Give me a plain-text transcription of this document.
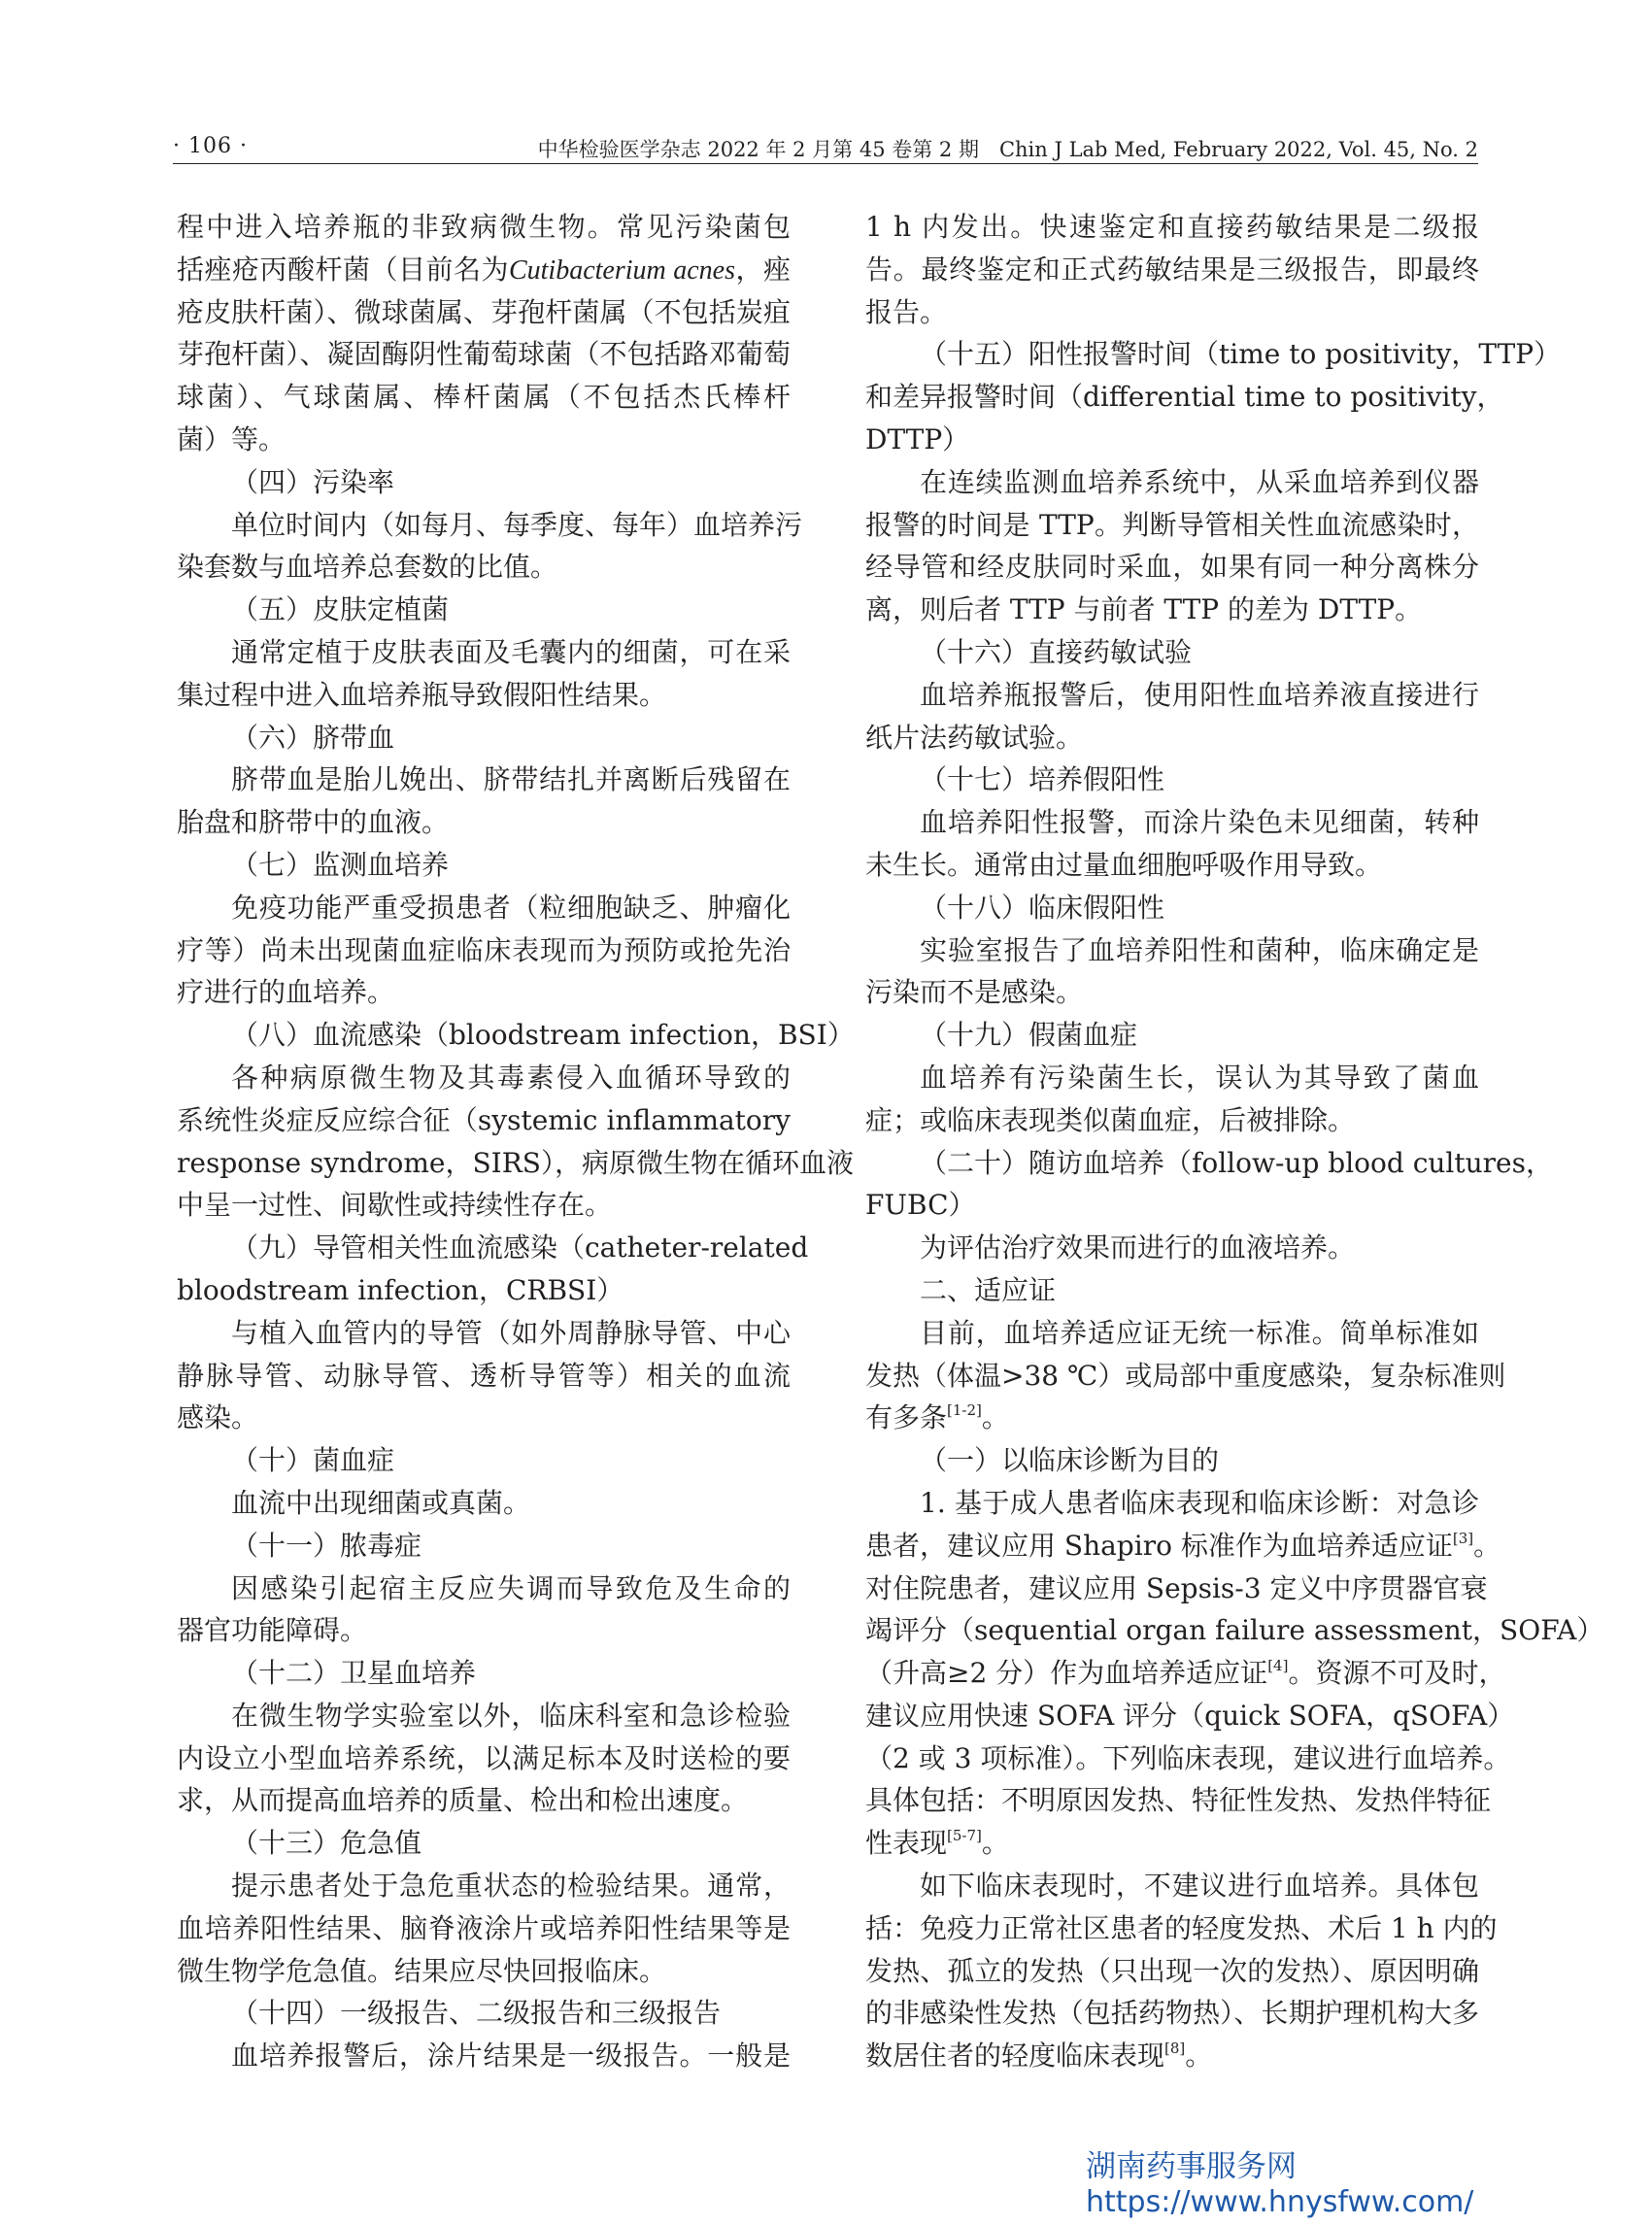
· 106 ·	中华检验医学杂志 2022 年 2 月第 45 卷第 2 期　Chin J Lab Med, February 2022, Vol. 45, No. 2
程中进入培养瓶的非致病微生物。常见污染菌包
括痤疮丙酸杆菌（目前名为Cutibacterium acnes，痤
疮皮肤杆菌）、微球菌属、芽孢杆菌属（不包括炭疽
芽孢杆菌）、凝固酶阴性葡萄球菌（不包括路邓葡萄
球菌）、气球菌属、棒杆菌属（不包括杰氏棒杆
菌）等。
（四）污染率
单位时间内（如每月、每季度、每年）血培养污
染套数与血培养总套数的比值。
（五）皮肤定植菌
通常定植于皮肤表面及毛囊内的细菌，可在采
集过程中进入血培养瓶导致假阳性结果。
（六）脐带血
脐带血是胎儿娩出、脐带结扎并离断后残留在
胎盘和脐带中的血液。
（七）监测血培养
免疫功能严重受损患者（粒细胞缺乏、肿瘤化
疗等）尚未出现菌血症临床表现而为预防或抢先治
疗进行的血培养。
（八）血流感染（bloodstream infection，BSI）
各种病原微生物及其毒素侵入血循环导致的
系统性炎症反应综合征（systemic inflammatory
response syndrome，SIRS），病原微生物在循环血液
中呈一过性、间歇性或持续性存在。
（九）导管相关性血流感染（catheter-related
bloodstream infection，CRBSI）
与植入血管内的导管（如外周静脉导管、中心
静脉导管、动脉导管、透析导管等）相关的血流
感染。
（十）菌血症
血流中出现细菌或真菌。
（十一）脓毒症
因感染引起宿主反应失调而导致危及生命的
器官功能障碍。
（十二）卫星血培养
在微生物学实验室以外，临床科室和急诊检验
内设立小型血培养系统，以满足标本及时送检的要
求，从而提高血培养的质量、检出和检出速度。
（十三）危急值
提示患者处于急危重状态的检验结果。通常，
血培养阳性结果、脑脊液涂片或培养阳性结果等是
微生物学危急值。结果应尽快回报临床。
（十四）一级报告、二级报告和三级报告
血培养报警后，涂片结果是一级报告。一般是
1 h 内发出。快速鉴定和直接药敏结果是二级报
告。最终鉴定和正式药敏结果是三级报告，即最终
报告。
（十五）阳性报警时间（time to positivity，TTP）
和差异报警时间（differential time to positivity，
DTTP）
在连续监测血培养系统中，从采血培养到仪器
报警的时间是 TTP。判断导管相关性血流感染时，
经导管和经皮肤同时采血，如果有同一种分离株分
离，则后者 TTP 与前者 TTP 的差为 DTTP。
（十六）直接药敏试验
血培养瓶报警后，使用阳性血培养液直接进行
纸片法药敏试验。
（十七）培养假阳性
血培养阳性报警，而涂片染色未见细菌，转种
未生长。通常由过量血细胞呼吸作用导致。
（十八）临床假阳性
实验室报告了血培养阳性和菌种，临床确定是
污染而不是感染。
（十九）假菌血症
血培养有污染菌生长，误认为其导致了菌血
症；或临床表现类似菌血症，后被排除。
（二十）随访血培养（follow-up blood cultures，
FUBC）
为评估治疗效果而进行的血液培养。
二、适应证
目前，血培养适应证无统一标准。简单标准如
发热（体温>38 ℃）或局部中重度感染，复杂标准则
有多条[1-2]。
（一）以临床诊断为目的
1. 基于成人患者临床表现和临床诊断：对急诊
患者，建议应用 Shapiro 标准作为血培养适应证[3]。
对住院患者，建议应用 Sepsis-3 定义中序贯器官衰
竭评分（sequential organ failure assessment，SOFA）
（升高≥2 分）作为血培养适应证[4]。资源不可及时，
建议应用快速 SOFA 评分（quick SOFA，qSOFA）
（2 或 3 项标准）。下列临床表现，建议进行血培养。
具体包括：不明原因发热、特征性发热、发热伴特征
性表现[5-7]。
如下临床表现时，不建议进行血培养。具体包
括：免疫力正常社区患者的轻度发热、术后 1 h 内的
发热、孤立的发热（只出现一次的发热）、原因明确
的非感染性发热（包括药物热）、长期护理机构大多
数居住者的轻度临床表现[8]。
湖南药事服务网
https://www.hnysfww.com/
